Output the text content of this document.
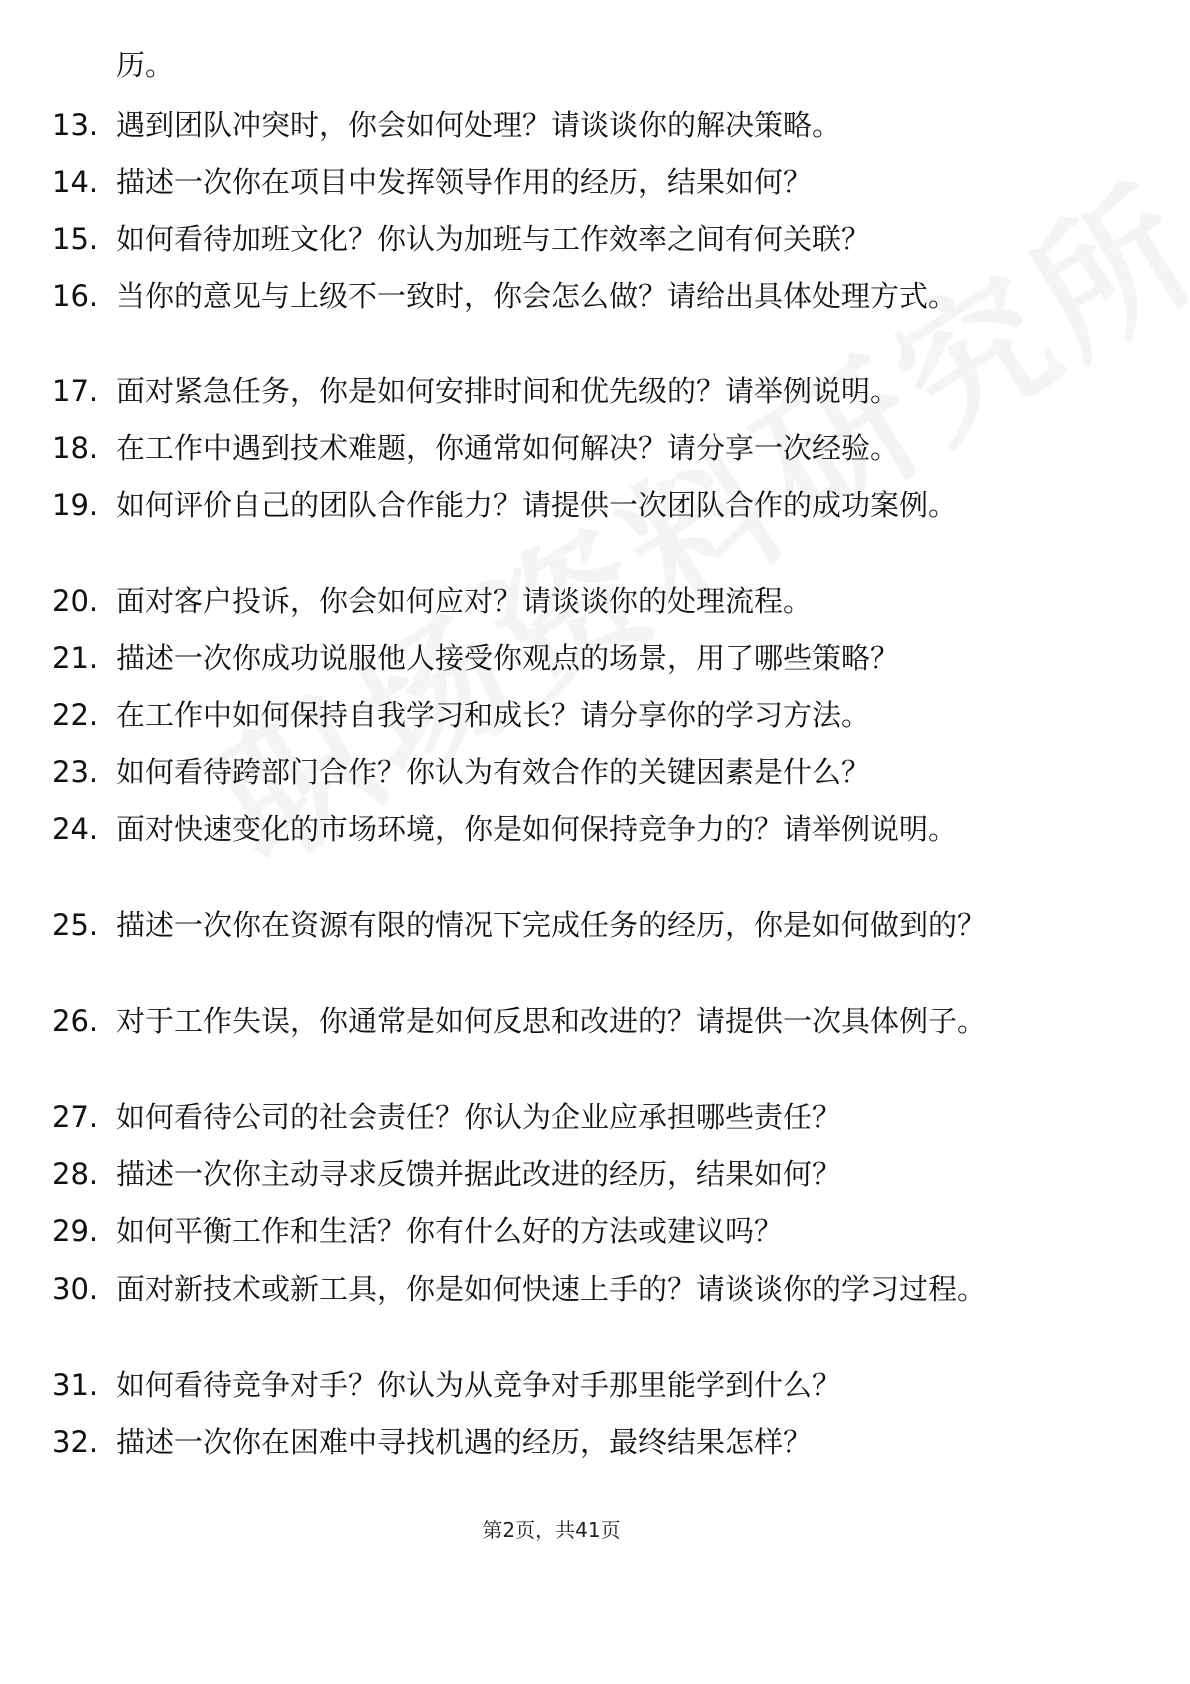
历。
13. 遇到团队冲突时，你会如何处理？请谈谈你的解决策略。
14. 描述一次你在项目中发挥领导作用的经历，结果如何？
15. 如何看待加班文化？你认为加班与工作效率之间有何关联？
16. 当你的意见与上级不一致时，你会怎么做？请给出具体处理方式。
17. 面对紧急任务，你是如何安排时间和优先级的？请举例说明。
18. 在工作中遇到技术难题，你通常如何解决？请分享一次经验。
19. 如何评价自己的团队合作能力？请提供一次团队合作的成功案例。
20. 面对客户投诉，你会如何应对？请谈谈你的处理流程。
21. 描述一次你成功说服他人接受你观点的场景，用了哪些策略？
22. 在工作中如何保持自我学习和成长？请分享你的学习方法。
23. 如何看待跨部门合作？你认为有效合作的关键因素是什么？
24. 面对快速变化的市场环境，你是如何保持竞争力的？请举例说明。
25. 描述一次你在资源有限的情况下完成任务的经历，你是如何做到的？
26. 对于工作失误，你通常是如何反思和改进的？请提供一次具体例子。
27. 如何看待公司的社会责任？你认为企业应承担哪些责任？
28. 描述一次你主动寻求反馈并据此改进的经历，结果如何？
29. 如何平衡工作和生活？你有什么好的方法或建议吗？
30. 面对新技术或新工具，你是如何快速上手的？请谈谈你的学习过程。
31. 如何看待竞争对手？你认为从竞争对手那里能学到什么？
32. 描述一次你在困难中寻找机遇的经历，最终结果怎样？
第2页，共41页
